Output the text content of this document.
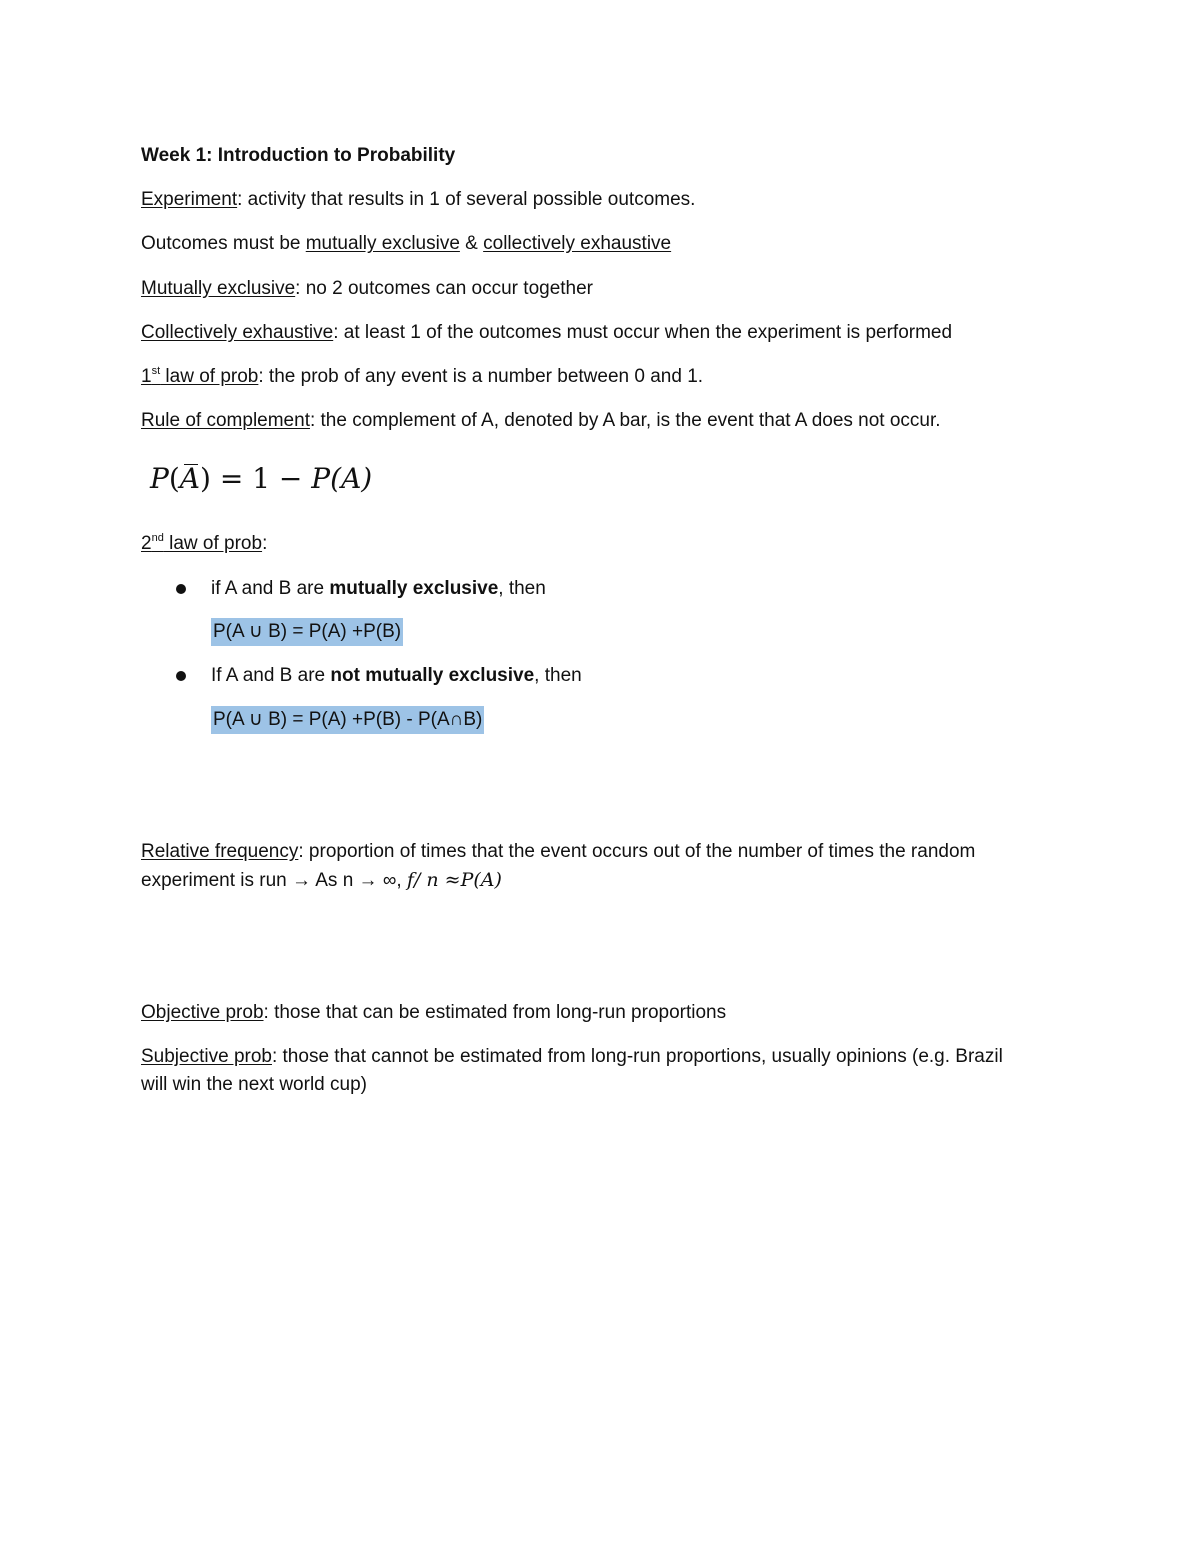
Week 1: Introduction to Probability
Experiment: activity that results in 1 of several possible outcomes.
Outcomes must be mutually exclusive & collectively exhaustive
Mutually exclusive: no 2 outcomes can occur together
Collectively exhaustive: at least 1 of the outcomes must occur when the experiment is performed
1st law of prob: the prob of any event is a number between 0 and 1.
Rule of complement: the complement of A, denoted by A bar, is the event that A does not occur.
P(A) = 1 − P(A)
2nd law of prob:
if A and B are mutually exclusive, then
P(A ∪ B) = P(A) +P(B)
If A and B are not mutually exclusive, then
P(A ∪ B) = P(A) +P(B) - P(A∩B)
Relative frequency: proportion of times that the event occurs out of the number of times the random
experiment is run → As n → ∞, f/ n ≈P(A)
Objective prob: those that can be estimated from long-run proportions
Subjective prob: those that cannot be estimated from long-run proportions, usually opinions (e.g. Brazil
will win the next world cup)
